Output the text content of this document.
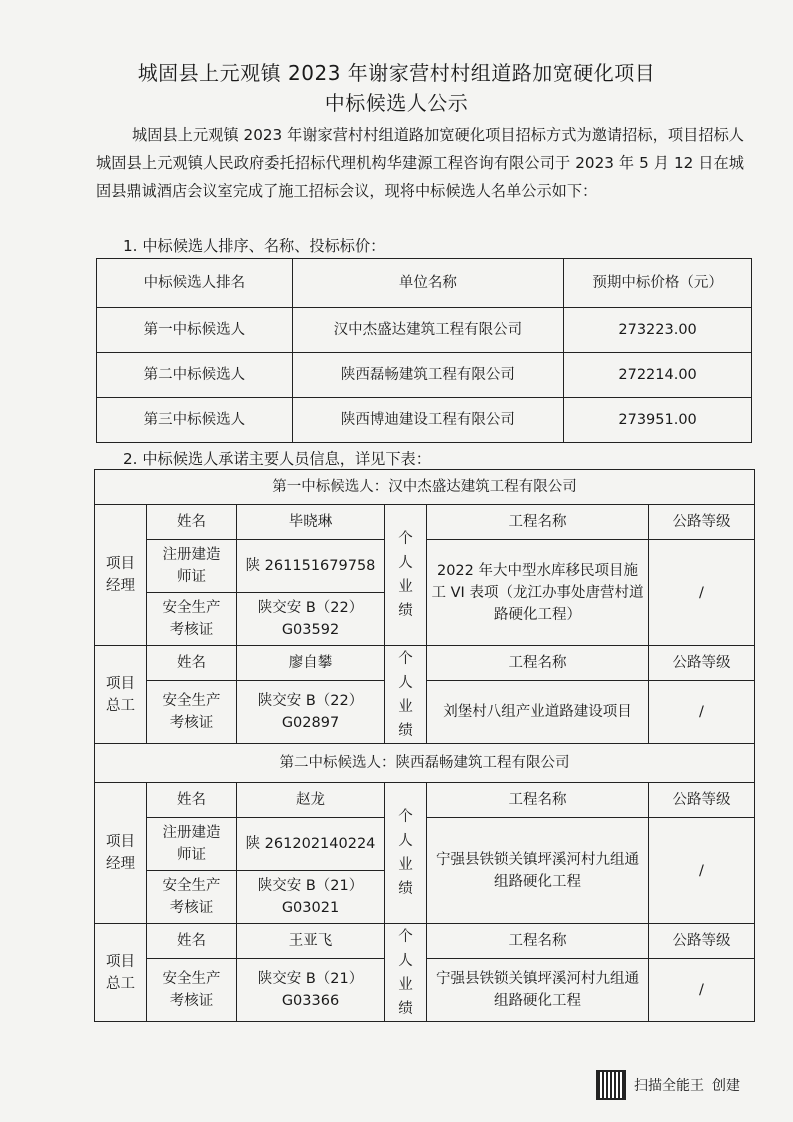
城固县上元观镇 2023 年谢家营村村组道路加宽硬化项目
中标候选人公示
城固县上元观镇 2023 年谢家营村村组道路加宽硬化项目招标方式为邀请招标，项目招标人城固县上元观镇人民政府委托招标代理机构华建源工程咨询有限公司于 2023 年 5 月 12 日在城固县鼎诚酒店会议室完成了施工招标会议，现将中标候选人名单公示如下：
1. 中标候选人排序、名称、投标标价：
中标候选人排名	单位名称	预期中标价格（元）
第一中标候选人	汉中杰盛达建筑工程有限公司	273223.00
第二中标候选人	陕西磊畅建筑工程有限公司	272214.00
第三中标候选人	陕西博迪建设工程有限公司	273951.00
2. 中标候选人承诺主要人员信息，详见下表：
第一中标候选人：汉中杰盛达建筑工程有限公司					

项目经理	姓名	毕晓琳	个人业绩	工程名称	公路等级

	注册建造师证	陕 261151679758		2022 年大中型水库移民项目施工 VI 表项（龙江办事处唐营村道路硬化工程）	/

	安全生产考核证	陕交安 B（22）G03592			

项目总工	姓名	廖自攀	个人业绩	工程名称	公路等级

	安全生产考核证	陕交安 B（22）G02897		刘堡村八组产业道路建设项目	/
第二中标候选人：陕西磊畅建筑工程有限公司					

项目经理	姓名	赵龙	个人业绩	工程名称	公路等级

	注册建造师证	陕 261202140224		宁强县铁锁关镇坪溪河村九组通组路硬化工程	/

	安全生产考核证	陕交安 B（21）G03021			

项目总工	姓名	王亚飞	个人业绩	工程名称	公路等级

	安全生产考核证	陕交安 B（21）G03366		宁强县铁锁关镇坪溪河村九组通组路硬化工程	/
扫描全能王 创建
